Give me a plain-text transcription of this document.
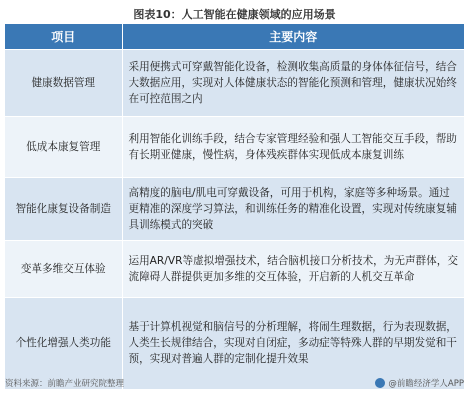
图表10：人工智能在健康领域的应用场景
项目	主要内容
健康数据管理	采用便携式可穿戴智能化设备，检测收集高质量的身体体征信号，结合大数据应用，实现对人体健康状态的智能化预测和管理，健康状况始终在可控范围之内
低成本康复管理	利用智能化训练手段，结合专家管理经验和强人工智能交互手段，帮助有长期亚健康，慢性病，身体残疾群体实现低成本康复训练
智能化康复设备制造	高精度的脑电/肌电可穿戴设备，可用于机构，家庭等多种场景。通过更精准的深度学习算法，和训练任务的精准化设置，实现对传统康复辅具训练模式的突破
变革多维交互体验	运用AR/VR等虚拟增强技术，结合脑机接口分析技术，为无声群体，交流障碍人群提供更加多维的交互体验，开启新的人机交互革命
个性化增强人类功能	基于计算机视觉和脑信号的分析理解，将闹生理数据，行为表现数据，人类生长规律结合，实现对自闭症，多动症等特殊人群的早期发觉和干预，实现对普遍人群的定制化提升效果
资料来源：前瞻产业研究院整理	@前瞻经济学人APP
